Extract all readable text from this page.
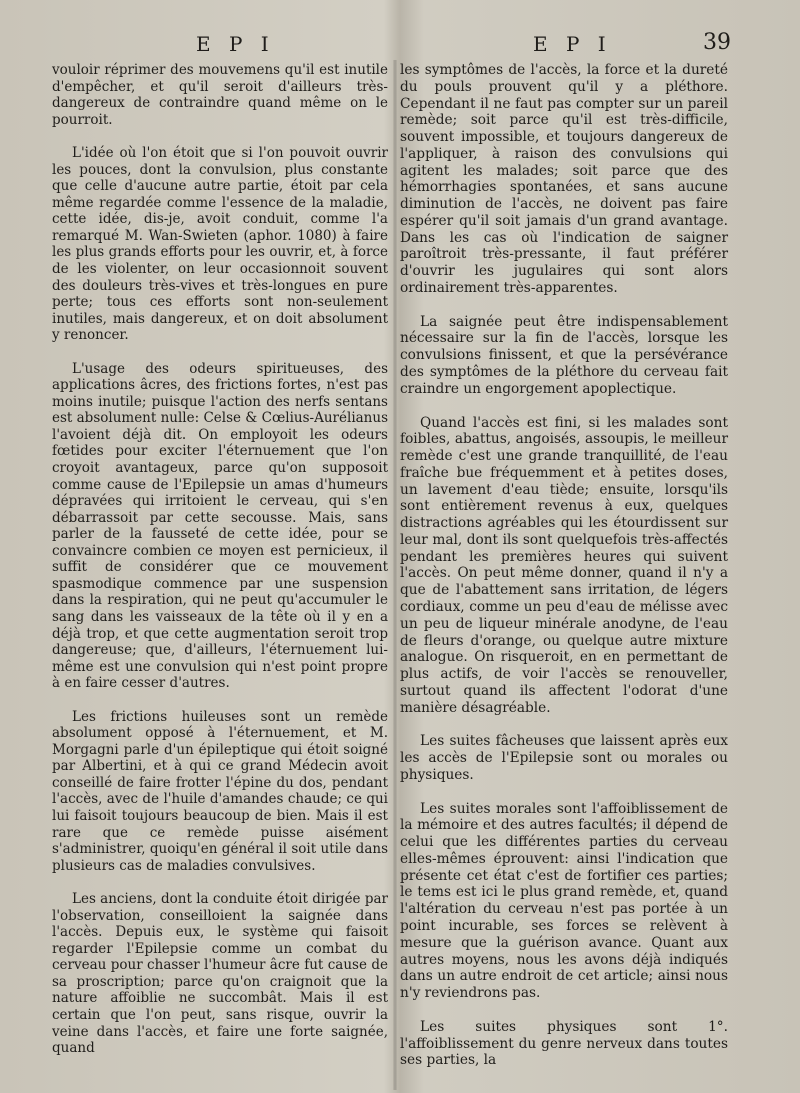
E P I	E P I	39

vouloir réprimer des mouvemens qu'il est inutile d'empêcher, et qu'il seroit d'ailleurs très-dangereux de contraindre quand même on le pourroit.

L'idée où l'on étoit que si l'on pouvoit ouvrir les pouces, dont la convulsion, plus constante que celle d'aucune autre partie, étoit par cela même regardée comme l'essence de la maladie, cette idée, dis-je, avoit conduit, comme l'a remarqué M. Wan-Swieten (aphor. 1080) à faire les plus grands efforts pour les ouvrir, et, à force de les violenter, on leur occasionnoit souvent des douleurs très-vives et très-longues en pure perte; tous ces efforts sont non-seulement inutiles, mais dangereux, et on doit absolument y renoncer.

L'usage des odeurs spiritueuses, des applications âcres, des frictions fortes, n'est pas moins inutile; puisque l'action des nerfs sentans est absolument nulle: Celse & Cœlius-Aurélianus l'avoient déjà dit. On employoit les odeurs fœtides pour exciter l'éternuement que l'on croyoit avantageux, parce qu'on supposoit comme cause de l'Epilepsie un amas d'humeurs dépravées qui irritoient le cerveau, qui s'en débarrassoit par cette secousse. Mais, sans parler de la fausseté de cette idée, pour se convaincre combien ce moyen est pernicieux, il suffit de considérer que ce mouvement spasmodique commence par une suspension dans la respiration, qui ne peut qu'accumuler le sang dans les vaisseaux de la tête où il y en a déjà trop, et que cette augmentation seroit trop dangereuse; que, d'ailleurs, l'éternuement lui-même est une convulsion qui n'est point propre à en faire cesser d'autres.

Les frictions huileuses sont un remède absolument opposé à l'éternuement, et M. Morgagni parle d'un épileptique qui étoit soigné par Albertini, et à qui ce grand Médecin avoit conseillé de faire frotter l'épine du dos, pendant l'accès, avec de l'huile d'amandes chaude; ce qui lui faisoit toujours beaucoup de bien. Mais il est rare que ce remède puisse aisément s'administrer, quoiqu'en général il soit utile dans plusieurs cas de maladies convulsives.

Les anciens, dont la conduite étoit dirigée par l'observation, conseilloient la saignée dans l'accès. Depuis eux, le système qui faisoit regarder l'Epilepsie comme un combat du cerveau pour chasser l'humeur âcre fut cause de sa proscription; parce qu'on craignoit que la nature affoiblie ne succombât. Mais il est certain que l'on peut, sans risque, ouvrir la veine dans l'accès, et faire une forte saignée, quand

les symptômes de l'accès, la force et la dureté du pouls prouvent qu'il y a pléthore. Cependant il ne faut pas compter sur un pareil remède; soit parce qu'il est très-difficile, souvent impossible, et toujours dangereux de l'appliquer, à raison des convulsions qui agitent les malades; soit parce que des hémorrhagies spontanées, et sans aucune diminution de l'accès, ne doivent pas faire espérer qu'il soit jamais d'un grand avantage. Dans les cas où l'indication de saigner paroîtroit très-pressante, il faut préférer d'ouvrir les jugulaires qui sont alors ordinairement très-apparentes.

La saignée peut être indispensablement nécessaire sur la fin de l'accès, lorsque les convulsions finissent, et que la persévérance des symptômes de la pléthore du cerveau fait craindre un engorgement apoplectique.

Quand l'accès est fini, si les malades sont foibles, abattus, angoisés, assoupis, le meilleur remède c'est une grande tranquillité, de l'eau fraîche bue fréquemment et à petites doses, un lavement d'eau tiède; ensuite, lorsqu'ils sont entièrement revenus à eux, quelques distractions agréables qui les étourdissent sur leur mal, dont ils sont quelquefois très-affectés pendant les premières heures qui suivent l'accès. On peut même donner, quand il n'y a que de l'abattement sans irritation, de légers cordiaux, comme un peu d'eau de mélisse avec un peu de liqueur minérale anodyne, de l'eau de fleurs d'orange, ou quelque autre mixture analogue. On risqueroit, en en permettant de plus actifs, de voir l'accès se renouveller, surtout quand ils affectent l'odorat d'une manière désagréable.

Les suites fâcheuses que laissent après eux les accès de l'Epilepsie sont ou morales ou physiques.

Les suites morales sont l'affoiblissement de la mémoire et des autres facultés; il dépend de celui que les différentes parties du cerveau elles-mêmes éprouvent: ainsi l'indication que présente cet état c'est de fortifier ces parties; le tems est ici le plus grand remède, et, quand l'altération du cerveau n'est pas portée à un point incurable, ses forces se relèvent à mesure que la guérison avance. Quant aux autres moyens, nous les avons déjà indiqués dans un autre endroit de cet article; ainsi nous n'y reviendrons pas.

Les suites physiques sont 1°. l'affoiblissement du genre nerveux dans toutes ses parties, la
